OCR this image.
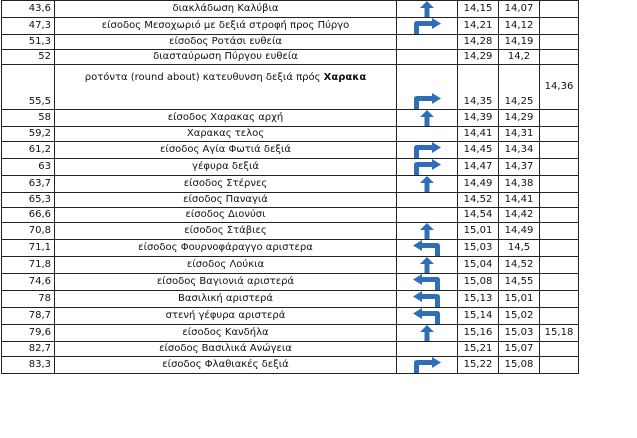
43,6	διακλάδωση Καλύβια		14,15	14,07	
47,3	είσοδος Μεσοχωριό με δεξιά στροφή προς Πύργο		14,21	14,12	
51,3	είσοδος Ροτάσι ευθεία		14,28	14,19	
52	διασταύρωση Πύργου ευθεία		14,29	14,2	
55,5	ροτόντα (round about) κατευθυνση δεξιά πρός Χαρακα		14,35	14,25	14,36
58	είσοδος Χαρακας αρχή		14,39	14,29	
59,2	Χαρακας τελος		14,41	14,31	
61,2	είσοδος Αγία Φωτιά δεξιά		14,45	14,34	
63	γέφυρα δεξιά		14,47	14,37	
63,7	είσοδος Στέρνες		14,49	14,38	
65,3	είσοδος Παναγιά		14,52	14,41	
66,6	είσοδος Διονύσι		14,54	14,42	
70,8	είσοδος Στάβιες		15,01	14,49	
71,1	είσοδος Φουρνοφάραγγο αριστερα		15,03	14,5	
71,8	είσοδος Λούκια		15,04	14,52	
74,6	είσοδος Βαγιονιά αριστερά		15,08	14,55	
78	Βασιλική αριστερά		15,13	15,01	
78,7	στενή γέφυρα αριστερά		15,14	15,02	
79,6	είσοδος Κανδήλα		15,16	15,03	15,18
82,7	είσοδος Βασιλικά Ανώγεια		15,21	15,07	
83,3	είσοδος Φλαθιακές δεξιά		15,22	15,08	
